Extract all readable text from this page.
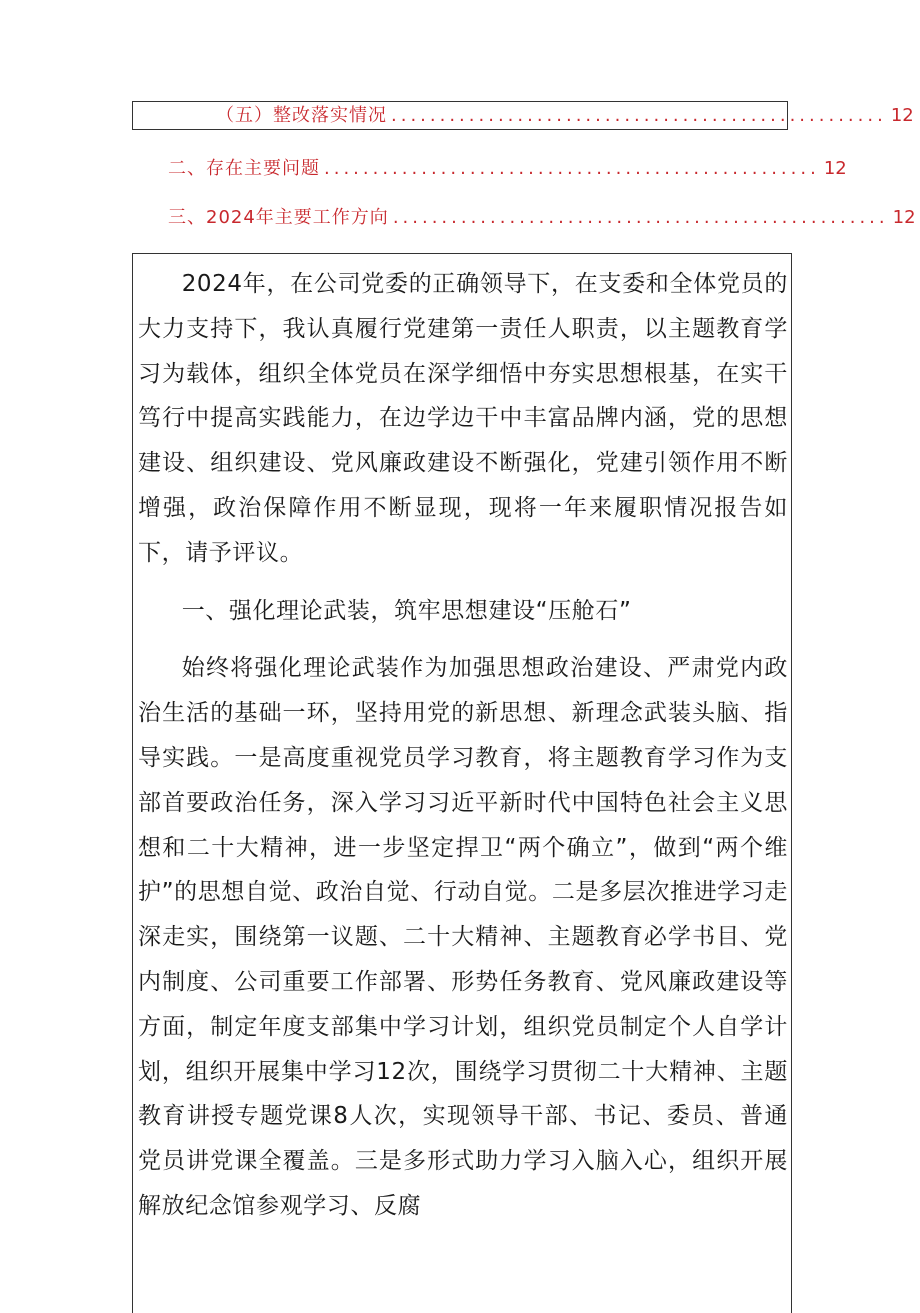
（五）整改落实情况 ................................................... 12
二、存在主要问题 ................................................... 12
三、2024年主要工作方向 ................................................... 12

2024年，在公司党委的正确领导下，在支委和全体党员的大力支持下，我认真履行党建第一责任人职责，以主题教育学习为载体，组织全体党员在深学细悟中夯实思想根基，在实干笃行中提高实践能力，在边学边干中丰富品牌内涵，党的思想建设、组织建设、党风廉政建设不断强化，党建引领作用不断增强，政治保障作用不断显现，现将一年来履职情况报告如下，请予评议。

一、强化理论武装，筑牢思想建设“压舱石”

始终将强化理论武装作为加强思想政治建设、严肃党内政治生活的基础一环，坚持用党的新思想、新理念武装头脑、指导实践。一是高度重视党员学习教育，将主题教育学习作为支部首要政治任务，深入学习习近平新时代中国特色社会主义思想和二十大精神，进一步坚定捍卫“两个确立”，做到“两个维护”的思想自觉、政治自觉、行动自觉。二是多层次推进学习走深走实，围绕第一议题、二十大精神、主题教育必学书目、党内制度、公司重要工作部署、形势任务教育、党风廉政建设等方面，制定年度支部集中学习计划，组织党员制定个人自学计划，组织开展集中学习12次，围绕学习贯彻二十大精神、主题教育讲授专题党课8人次，实现领导干部、书记、委员、普通党员讲党课全覆盖。三是多形式助力学习入脑入心，组织开展解放纪念馆参观学习、反腐
